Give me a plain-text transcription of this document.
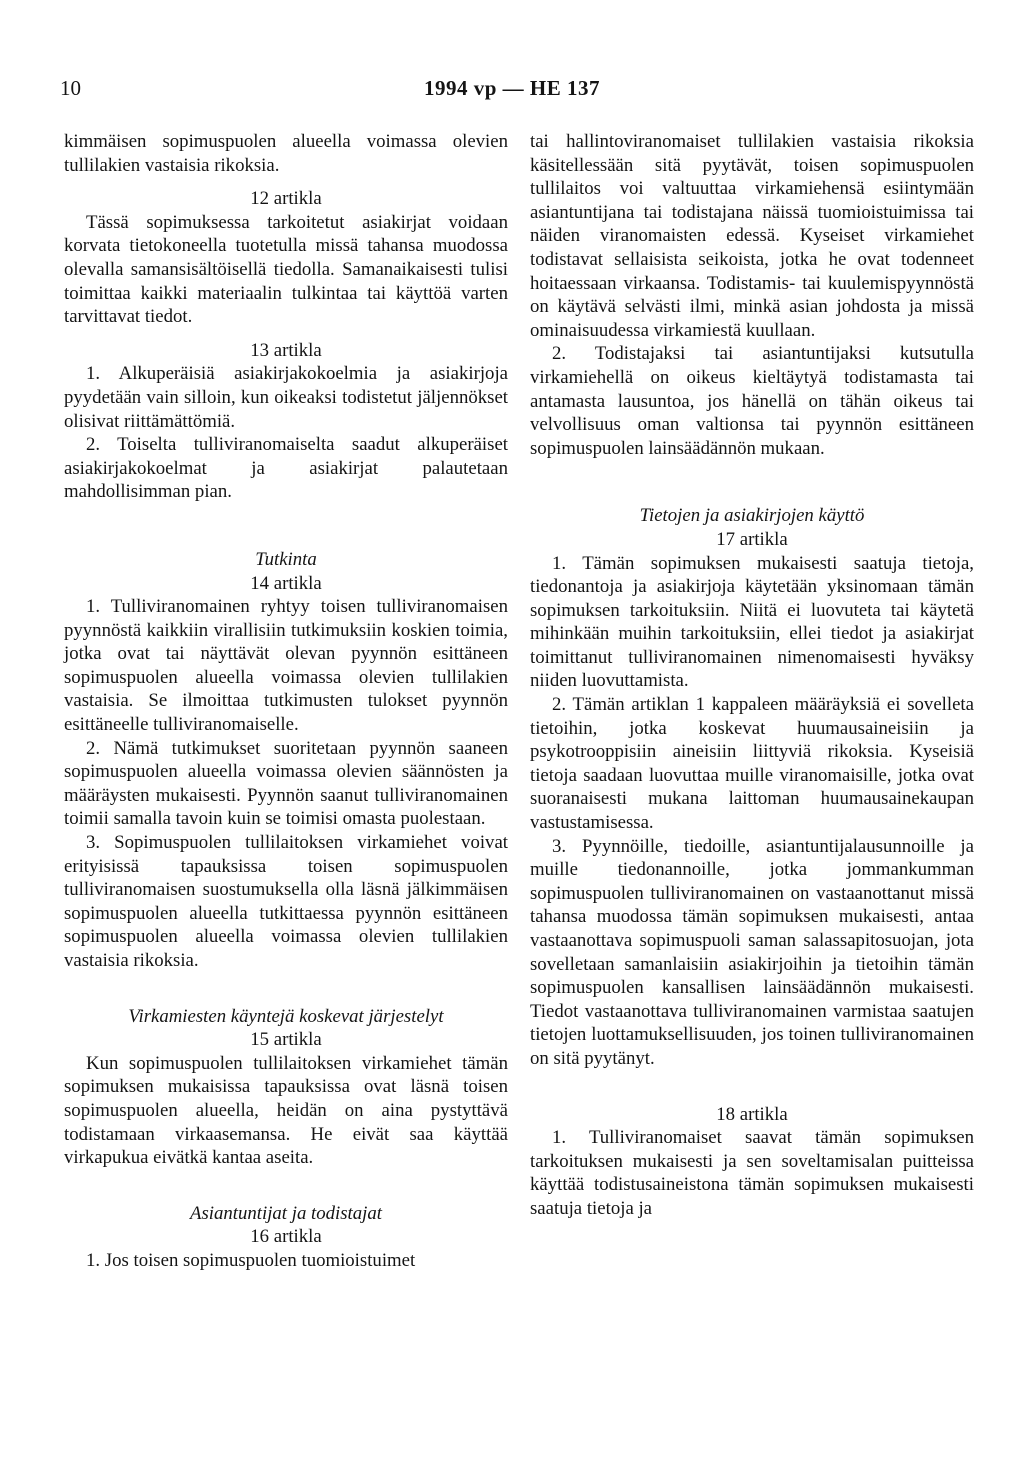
10	1994 vp — HE 137

kimmäisen sopimuspuolen alueella voimassa olevien tullilakien vastaisia rikoksia.

12 artikla

Tässä sopimuksessa tarkoitetut asiakirjat voidaan korvata tietokoneella tuotetulla missä tahansa muodossa olevalla samansisältöisellä tiedolla. Samanaikaisesti tulisi toimittaa kaikki materiaalin tulkintaa tai käyttöä varten tarvittavat tiedot.

13 artikla

1. Alkuperäisiä asiakirjakokoelmia ja asiakirjoja pyydetään vain silloin, kun oikeaksi todistetut jäljennökset olisivat riittämättömiä.

2. Toiselta tulliviranomaiselta saadut alkuperäiset asiakirjakokoelmat ja asiakirjat palautetaan mahdollisimman pian.

Tutkinta

14 artikla

1. Tulliviranomainen ryhtyy toisen tulliviranomaisen pyynnöstä kaikkiin virallisiin tutkimuksiin koskien toimia, jotka ovat tai näyttävät olevan pyynnön esittäneen sopimuspuolen alueella voimassa olevien tullilakien vastaisia. Se ilmoittaa tutkimusten tulokset pyynnön esittäneelle tulliviranomaiselle.

2. Nämä tutkimukset suoritetaan pyynnön saaneen sopimuspuolen alueella voimassa olevien säännösten ja määräysten mukaisesti. Pyynnön saanut tulliviranomainen toimii samalla tavoin kuin se toimisi omasta puolestaan.

3. Sopimuspuolen tullilaitoksen virkamiehet voivat erityisissä tapauksissa toisen sopimuspuolen tulliviranomaisen suostumuksella olla läsnä jälkimmäisen sopimuspuolen alueella tutkittaessa pyynnön esittäneen sopimuspuolen alueella voimassa olevien tullilakien vastaisia rikoksia.

Virkamiesten käyntejä koskevat järjestelyt

15 artikla

Kun sopimuspuolen tullilaitoksen virkamiehet tämän sopimuksen mukaisissa tapauksissa ovat läsnä toisen sopimuspuolen alueella, heidän on aina pystyttävä todistamaan virkaasemansa. He eivät saa käyttää virkapukua eivätkä kantaa aseita.

Asiantuntijat ja todistajat

16 artikla

1. Jos toisen sopimuspuolen tuomioistuimet

tai hallintoviranomaiset tullilakien vastaisia rikoksia käsitellessään sitä pyytävät, toisen sopimuspuolen tullilaitos voi valtuuttaa virkamiehensä esiintymään asiantuntijana tai todistajana näissä tuomioistuimissa tai näiden viranomaisten edessä. Kyseiset virkamiehet todistavat sellaisista seikoista, jotka he ovat todenneet hoitaessaan virkaansa. Todistamis- tai kuulemispyynnöstä on käytävä selvästi ilmi, minkä asian johdosta ja missä ominaisuudessa virkamiestä kuullaan.

2. Todistajaksi tai asiantuntijaksi kutsutulla virkamiehellä on oikeus kieltäytyä todistamasta tai antamasta lausuntoa, jos hänellä on tähän oikeus tai velvollisuus oman valtionsa tai pyynnön esittäneen sopimuspuolen lainsäädännön mukaan.

Tietojen ja asiakirjojen käyttö

17 artikla

1. Tämän sopimuksen mukaisesti saatuja tietoja, tiedonantoja ja asiakirjoja käytetään yksinomaan tämän sopimuksen tarkoituksiin. Niitä ei luovuteta tai käytetä mihinkään muihin tarkoituksiin, ellei tiedot ja asiakirjat toimittanut tulliviranomainen nimenomaisesti hyväksy niiden luovuttamista.

2. Tämän artiklan 1 kappaleen määräyksiä ei sovelleta tietoihin, jotka koskevat huumausaineisiin ja psykotrooppisiin aineisiin liittyviä rikoksia. Kyseisiä tietoja saadaan luovuttaa muille viranomaisille, jotka ovat suoranaisesti mukana laittoman huumausainekaupan vastustamisessa.

3. Pyynnöille, tiedoille, asiantuntijalausunnoille ja muille tiedonannoille, jotka jommankumman sopimuspuolen tulliviranomainen on vastaanottanut missä tahansa muodossa tämän sopimuksen mukaisesti, antaa vastaanottava sopimuspuoli saman salassapitosuojan, jota sovelletaan samanlaisiin asiakirjoihin ja tietoihin tämän sopimuspuolen kansallisen lainsäädännön mukaisesti. Tiedot vastaanottava tulliviranomainen varmistaa saatujen tietojen luottamuksellisuuden, jos toinen tulliviranomainen on sitä pyytänyt.

18 artikla

1. Tulliviranomaiset saavat tämän sopimuksen tarkoituksen mukaisesti ja sen soveltamisalan puitteissa käyttää todistusaineistona tämän sopimuksen mukaisesti saatuja tietoja ja
